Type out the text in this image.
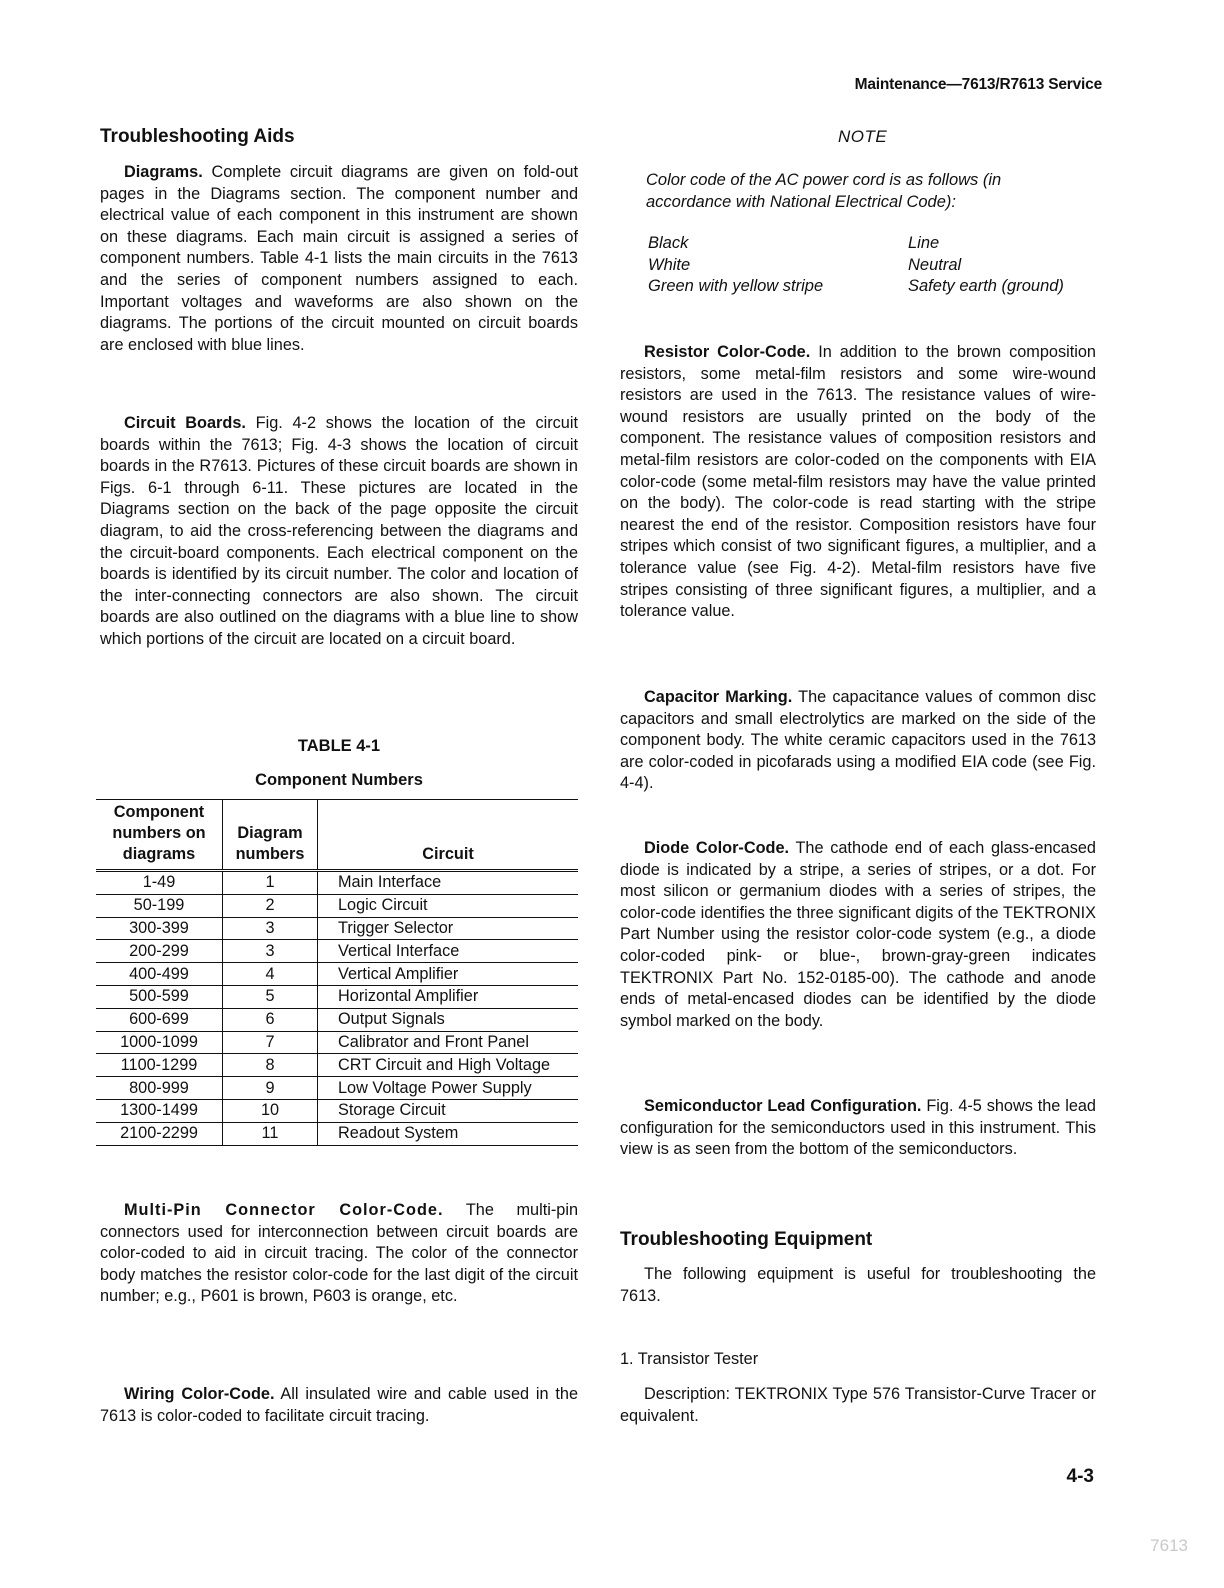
Maintenance—7613/R7613 Service
Troubleshooting Aids
Diagrams. Complete circuit diagrams are given on fold-out pages in the Diagrams section. The component number and electrical value of each component in this instrument are shown on these diagrams. Each main circuit is assigned a series of component numbers. Table 4-1 lists the main circuits in the 7613 and the series of component numbers assigned to each. Important voltages and waveforms are also shown on the diagrams. The portions of the circuit mounted on circuit boards are enclosed with blue lines.
Circuit Boards. Fig. 4-2 shows the location of the circuit boards within the 7613; Fig. 4-3 shows the location of circuit boards in the R7613. Pictures of these circuit boards are shown in Figs. 6-1 through 6-11. These pictures are located in the Diagrams section on the back of the page opposite the circuit diagram, to aid the cross-referencing between the diagrams and the circuit-board components. Each electrical component on the boards is identified by its circuit number. The color and location of the inter-connecting connectors are also shown. The circuit boards are also outlined on the diagrams with a blue line to show which portions of the circuit are located on a circuit board.
TABLE 4-1
Component Numbers
Component numbers on diagrams	Diagram numbers	Circuit
1-49	1	Main Interface
50-199	2	Logic Circuit
300-399	3	Trigger Selector
200-299	3	Vertical Interface
400-499	4	Vertical Amplifier
500-599	5	Horizontal Amplifier
600-699	6	Output Signals
1000-1099	7	Calibrator and Front Panel
1100-1299	8	CRT Circuit and High Voltage
800-999	9	Low Voltage Power Supply
1300-1499	10	Storage Circuit
2100-2299	11	Readout System
Multi-Pin Connector Color-Code. The multi-pin connectors used for interconnection between circuit boards are color-coded to aid in circuit tracing. The color of the connector body matches the resistor color-code for the last digit of the circuit number; e.g., P601 is brown, P603 is orange, etc.
Wiring Color-Code. All insulated wire and cable used in the 7613 is color-coded to facilitate circuit tracing.
NOTE
Color code of the AC power cord is as follows (in accordance with National Electrical Code):
Black	Line
White	Neutral
Green with yellow stripe	Safety earth (ground)
Resistor Color-Code. In addition to the brown composition resistors, some metal-film resistors and some wire-wound resistors are used in the 7613. The resistance values of wire-wound resistors are usually printed on the body of the component. The resistance values of composition resistors and metal-film resistors are color-coded on the components with EIA color-code (some metal-film resistors may have the value printed on the body). The color-code is read starting with the stripe nearest the end of the resistor. Composition resistors have four stripes which consist of two significant figures, a multiplier, and a tolerance value (see Fig. 4-2). Metal-film resistors have five stripes consisting of three significant figures, a multiplier, and a tolerance value.
Capacitor Marking. The capacitance values of common disc capacitors and small electrolytics are marked on the side of the component body. The white ceramic capacitors used in the 7613 are color-coded in picofarads using a modified EIA code (see Fig. 4-4).
Diode Color-Code. The cathode end of each glass-encased diode is indicated by a stripe, a series of stripes, or a dot. For most silicon or germanium diodes with a series of stripes, the color-code identifies the three significant digits of the TEKTRONIX Part Number using the resistor color-code system (e.g., a diode color-coded pink- or blue-, brown-gray-green indicates TEKTRONIX Part No. 152-0185-00). The cathode and anode ends of metal-encased diodes can be identified by the diode symbol marked on the body.
Semiconductor Lead Configuration. Fig. 4-5 shows the lead configuration for the semiconductors used in this instrument. This view is as seen from the bottom of the semiconductors.
Troubleshooting Equipment
The following equipment is useful for troubleshooting the 7613.
1. Transistor Tester
Description: TEKTRONIX Type 576 Transistor-Curve Tracer or equivalent.
4-3
7613
